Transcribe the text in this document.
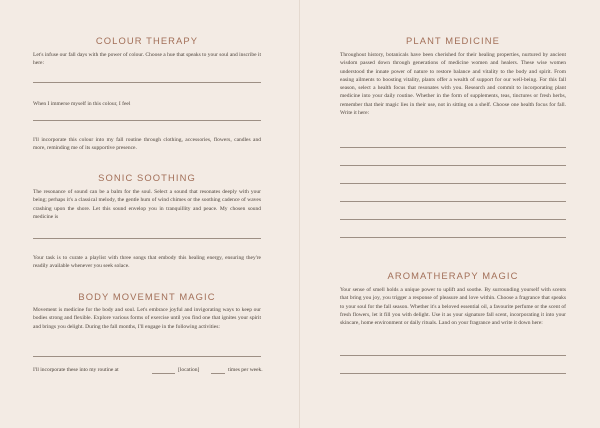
COLOUR THERAPY

Let's infuse our fall days with the power of colour. Choose a hue that speaks to your soul and inscribe it here:

When I immerse myself in this colour, I feel

I'll incorporate this colour into my fall routine through clothing, accessories, flowers, candles and more, reminding me of its supportive presence.

SONIC SOOTHING

The resonance of sound can be a balm for the soul. Select a sound that resonates deeply with your being; perhaps it's a classical melody, the gentle hum of wind chimes or the soothing cadence of waves crashing upon the shore. Let this sound envelop you in tranquillity and peace. My chosen sound medicine is

Your task is to curate a playlist with three songs that embody this healing energy, ensuring they're readily available whenever you seek solace.

BODY MOVEMENT MAGIC

Movement is medicine for the body and soul. Let's embrace joyful and invigorating ways to keep our bodies strong and flexible. Explore various forms of exercise until you find one that ignites your spirit and brings you delight. During the fall months, I'll engage in the following activities:

I'll incorporate these into my routine at	[location]	times per week.
PLANT MEDICINE

Throughout history, botanicals have been cherished for their healing properties, nurtured by ancient wisdom passed down through generations of medicine women and healers. These wise women understood the innate power of nature to restore balance and vitality to the body and spirit. From easing ailments to boosting vitality, plants offer a wealth of support for our well-being. For this fall season, select a health focus that resonates with you. Research and commit to incorporating plant medicine into your daily routine. Whether in the form of supplements, teas, tinctures or fresh herbs, remember that their magic lies in their use, not in sitting on a shelf. Choose one health focus for fall. Write it here:

AROMATHERAPY MAGIC

Your sense of smell holds a unique power to uplift and soothe. By surrounding yourself with scents that bring you joy, you trigger a response of pleasure and love within. Choose a fragrance that speaks to your soul for the fall season. Whether it's a beloved essential oil, a favourite perfume or the scent of fresh flowers, let it fill you with delight. Use it as your signature fall scent, incorporating it into your skincare, home environment or daily rituals. Land on your fragrance and write it down here:
